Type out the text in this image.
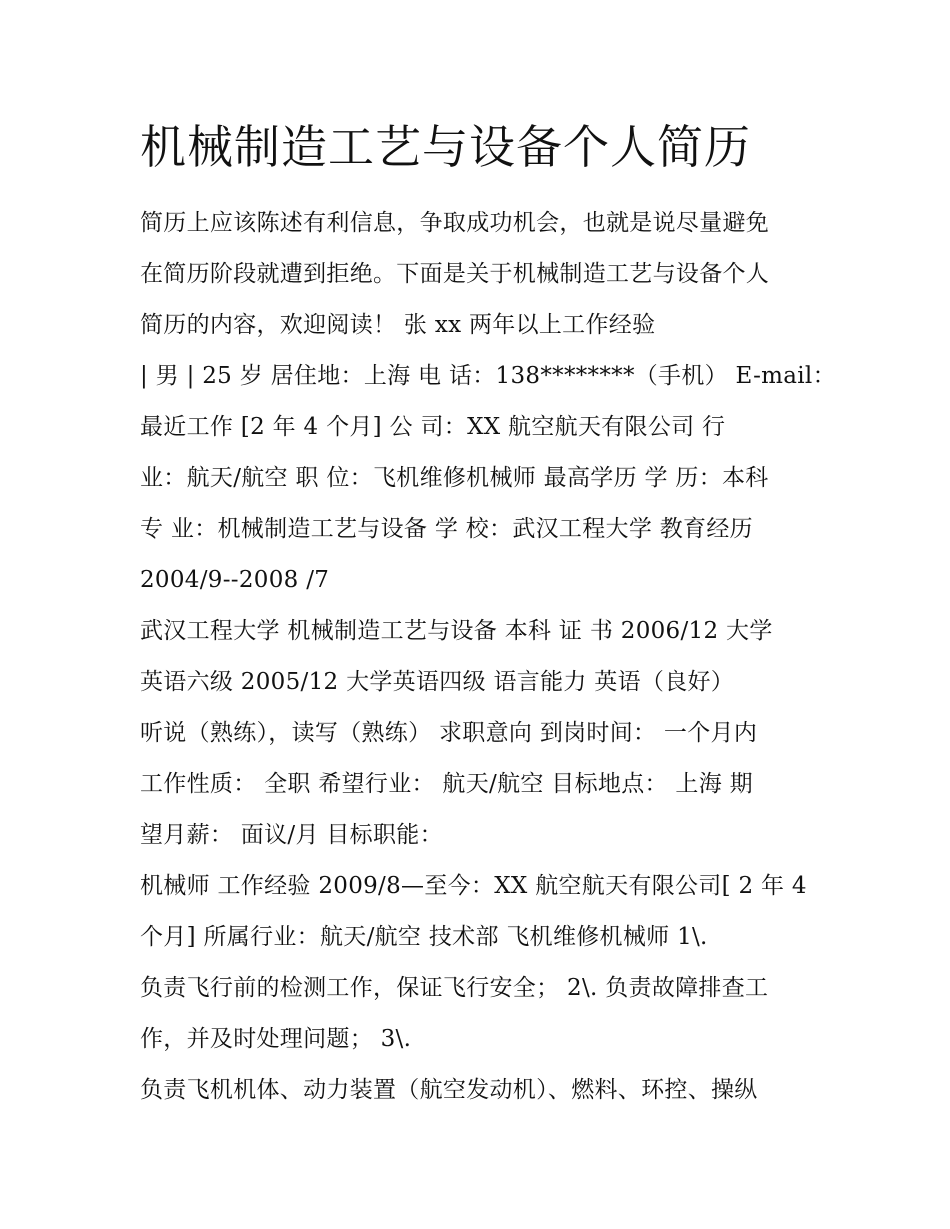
机械制造工艺与设备个人简历
简历上应该陈述有利信息，争取成功机会，也就是说尽量避免
在简历阶段就遭到拒绝。下面是关于机械制造工艺与设备个人
简历的内容，欢迎阅读！ 张 xx 两年以上工作经验
| 男 | 25 岁 居住地：上海 电 话：138********（手机） E-mail：
最近工作 [2 年 4 个月] 公 司：XX 航空航天有限公司 行
业：航天/航空 职 位：飞机维修机械师 最高学历 学 历：本科
专 业：机械制造工艺与设备 学 校：武汉工程大学 教育经历
2004/9--2008 /7
武汉工程大学 机械制造工艺与设备 本科 证 书 2006/12 大学
英语六级 2005/12 大学英语四级 语言能力 英语（良好）
听说（熟练），读写（熟练） 求职意向 到岗时间： 一个月内
工作性质： 全职 希望行业： 航天/航空 目标地点： 上海 期
望月薪： 面议/月 目标职能：
机械师 工作经验 2009/8—至今：XX 航空航天有限公司[ 2 年 4
个月] 所属行业：航天/航空 技术部 飞机维修机械师 1\.
负责飞行前的检测工作，保证飞行安全； 2\. 负责故障排查工
作，并及时处理问题； 3\.
负责飞机机体、动力装置（航空发动机）、燃料、环控、操纵
